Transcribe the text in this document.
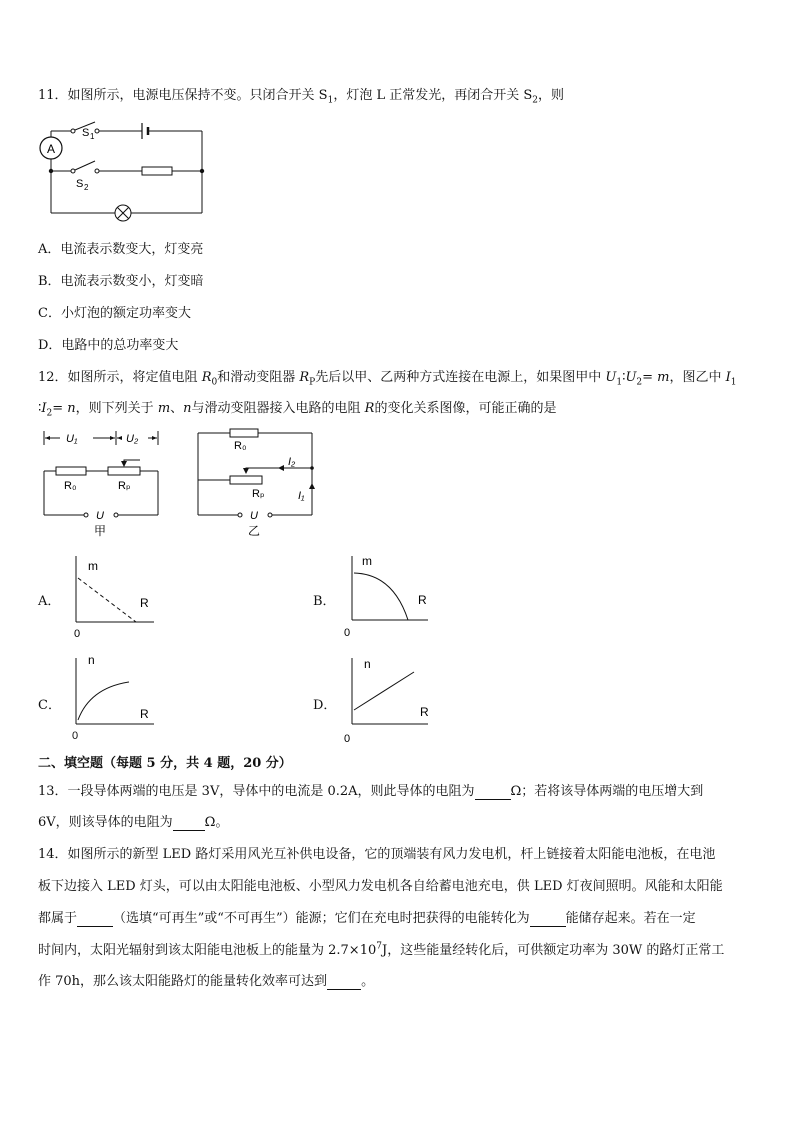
11．如图所示，电源电压保持不变。只闭合开关 $S_1$，灯泡 L 正常发光，再闭合开关 $S_2$，则
A
S 1
S 2
A．电流表示数变大，灯变亮
B．电流表示数变小，灯变暗
C．小灯泡的额定功率变大
D．电路中的总功率变大
12．如图所示，将定值电阻 $R_0$和滑动变阻器 $R_P$先后以甲、乙两种方式连接在电源上，如果图甲中 $U_1∶U_2= m$，图乙中 $I_1$
$∶I_2= n$，则下列关于 m、n与滑动变阻器接入电路的电阻 R的变化关系图像，可能正确的是
U₁	U₂
R₀	Rₚ
U
甲
R₀
I₂
I₁
Rₚ
U
乙
A．
m
R
0
B．
m
R
0
C．
n
R
D．
n
R
0
0
二、填空题（每题 5 分，共 4 题，20 分）
13．一段导体两端的电压是 3V，导体中的电流是 0.2A，则此导体的电阻为	Ω；若将该导体两端的电压增大到
6V，则该导体的电阻为 Ω。
14．如图所示的新型 LED 路灯采用风光互补供电设备，它的顶端装有风力发电机，杆上链接着太阳能电池板，在电池
板下边接入 LED 灯头，可以由太阳能电池板、小型风力发电机各自给蓄电池充电，供 LED 灯夜间照明。风能和太阳能
都属于	（选填“可再生”或“不可再生”）能源；它们在充电时把获得的电能转化为	能储存起来。若在一定
时间内，太阳光辐射到该太阳能电池板上的能量为 $2.7\times 10^7J$，这些能量经转化后，可供额定功率为 30W 的路灯正常工
作 70h，那么该太阳能路灯的能量转化效率可达到	。
